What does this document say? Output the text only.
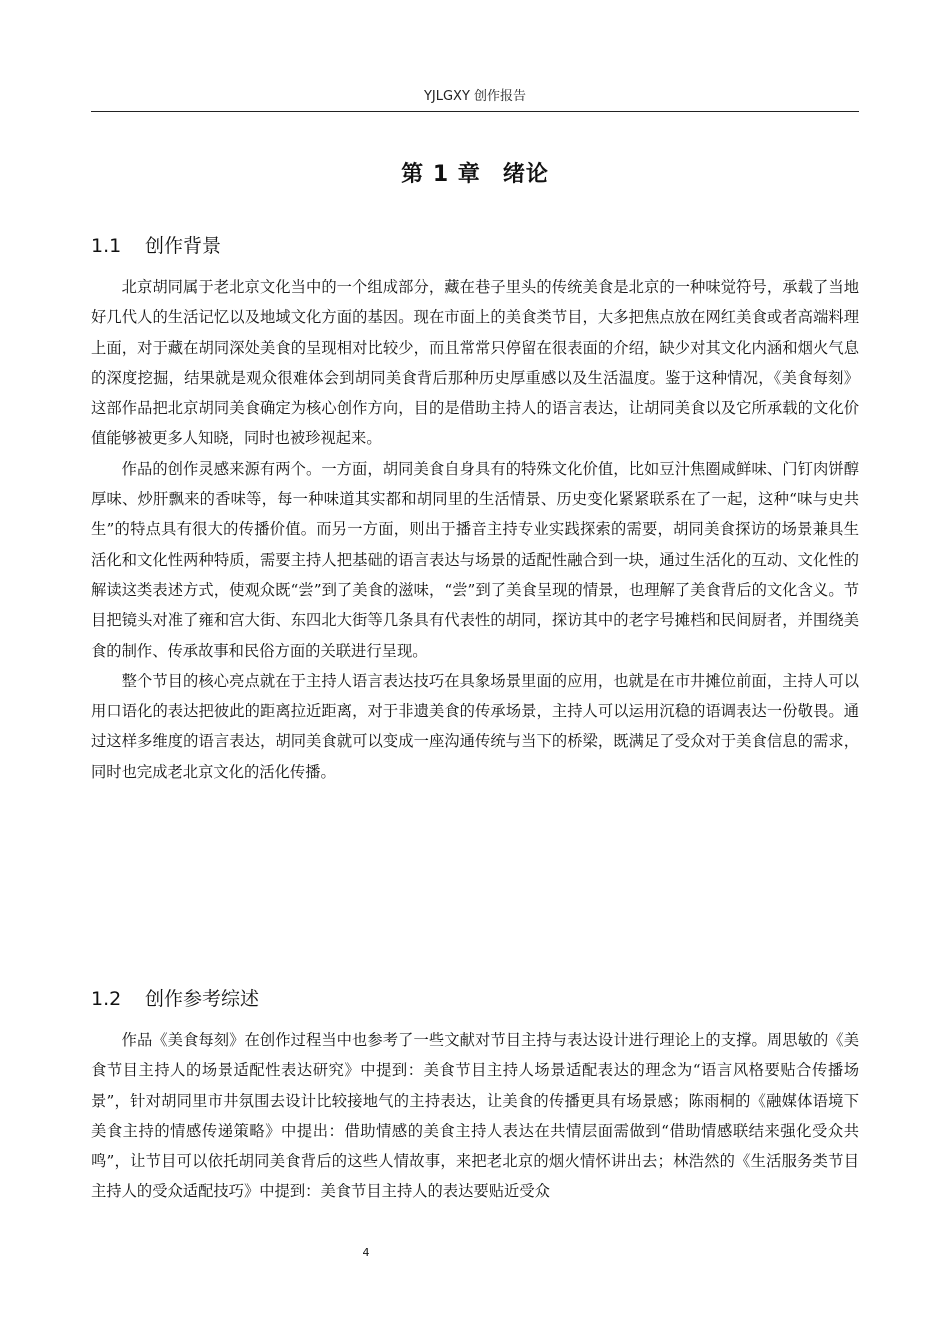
YJLGXY 创作报告
第 1 章 绪论
1.1 创作背景

北京胡同属于老北京文化当中的一个组成部分，藏在巷子里头的传统美食是北京的一种味觉符号，承载了当地好几代人的生活记忆以及地域文化方面的基因。现在市面上的美食类节目，大多把焦点放在网红美食或者高端料理上面，对于藏在胡同深处美食的呈现相对比较少，而且常常只停留在很表面的介绍，缺少对其文化内涵和烟火气息的深度挖掘，结果就是观众很难体会到胡同美食背后那种历史厚重感以及生活温度。鉴于这种情况，《美食每刻》这部作品把北京胡同美食确定为核心创作方向，目的是借助主持人的语言表达，让胡同美食以及它所承载的文化价值能够被更多人知晓，同时也被珍视起来。

作品的创作灵感来源有两个。一方面，胡同美食自身具有的特殊文化价值，比如豆汁焦圈咸鲜味、门钉肉饼醇厚味、炒肝飘来的香味等，每一种味道其实都和胡同里的生活情景、历史变化紧紧联系在了一起，这种“味与史共生”的特点具有很大的传播价值。而另一方面，则出于播音主持专业实践探索的需要，胡同美食探访的场景兼具生活化和文化性两种特质，需要主持人把基础的语言表达与场景的适配性融合到一块，通过生活化的互动、文化性的解读这类表述方式，使观众既“尝”到了美食的滋味，“尝”到了美食呈现的情景，也理解了美食背后的文化含义。节目把镜头对准了雍和宫大街、东四北大街等几条具有代表性的胡同，探访其中的老字号摊档和民间厨者，并围绕美食的制作、传承故事和民俗方面的关联进行呈现。

整个节目的核心亮点就在于主持人语言表达技巧在具象场景里面的应用，也就是在市井摊位前面，主持人可以用口语化的表达把彼此的距离拉近距离，对于非遗美食的传承场景，主持人可以运用沉稳的语调表达一份敬畏。通过这样多维度的语言表达，胡同美食就可以变成一座沟通传统与当下的桥梁，既满足了受众对于美食信息的需求，同时也完成老北京文化的活化传播。

1.2 创作参考综述

作品《美食每刻》在创作过程当中也参考了一些文献对节目主持与表达设计进行理论上的支撑。周思敏的《美食节目主持人的场景适配性表达研究》中提到：美食节目主持人场景适配表达的理念为“语言风格要贴合传播场景”，针对胡同里市井氛围去设计比较接地气的主持表达，让美食的传播更具有场景感；陈雨桐的《融媒体语境下美食主持的情感传递策略》中提出：借助情感的美食主持人表达在共情层面需做到“借助情感联结来强化受众共鸣”，让节目可以依托胡同美食背后的这些人情故事，来把老北京的烟火情怀讲出去；林浩然的《生活服务类节目主持人的受众适配技巧》中提到：美食节目主持人的表达要贴近受众

4
